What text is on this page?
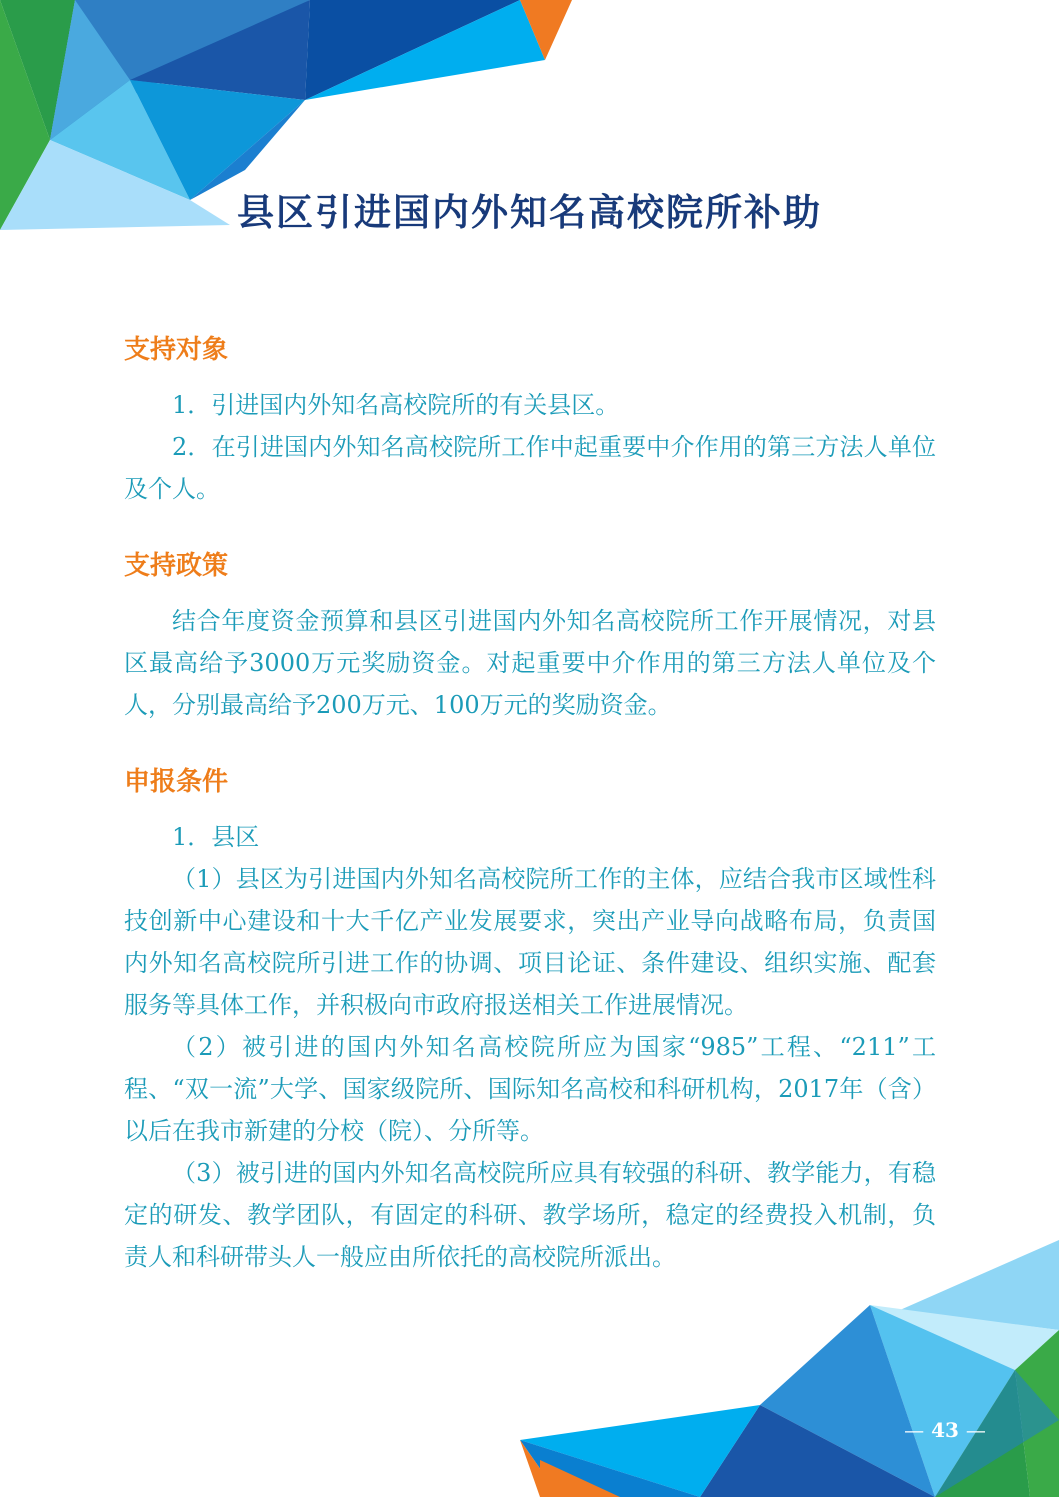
县区引进国内外知名高校院所补助
支持对象

1．引进国内外知名高校院所的有关县区。

2．在引进国内外知名高校院所工作中起重要中介作用的第三方法人单位及个人。

支持政策

结合年度资金预算和县区引进国内外知名高校院所工作开展情况，对县区最高给予3000万元奖励资金。对起重要中介作用的第三方法人单位及个人，分别最高给予200万元、100万元的奖励资金。

申报条件

1．县区

（1）县区为引进国内外知名高校院所工作的主体，应结合我市区域性科技创新中心建设和十大千亿产业发展要求，突出产业导向战略布局，负责国内外知名高校院所引进工作的协调、项目论证、条件建设、组织实施、配套服务等具体工作，并积极向市政府报送相关工作进展情况。

（2）被引进的国内外知名高校院所应为国家“985”工程、“211”工程、“双一流”大学、国家级院所、国际知名高校和科研机构，2017年（含）以后在我市新建的分校（院）、分所等。

（3）被引进的国内外知名高校院所应具有较强的科研、教学能力，有稳定的研发、教学团队，有固定的科研、教学场所，稳定的经费投入机制，负责人和科研带头人一般应由所依托的高校院所派出。

— 43 —
